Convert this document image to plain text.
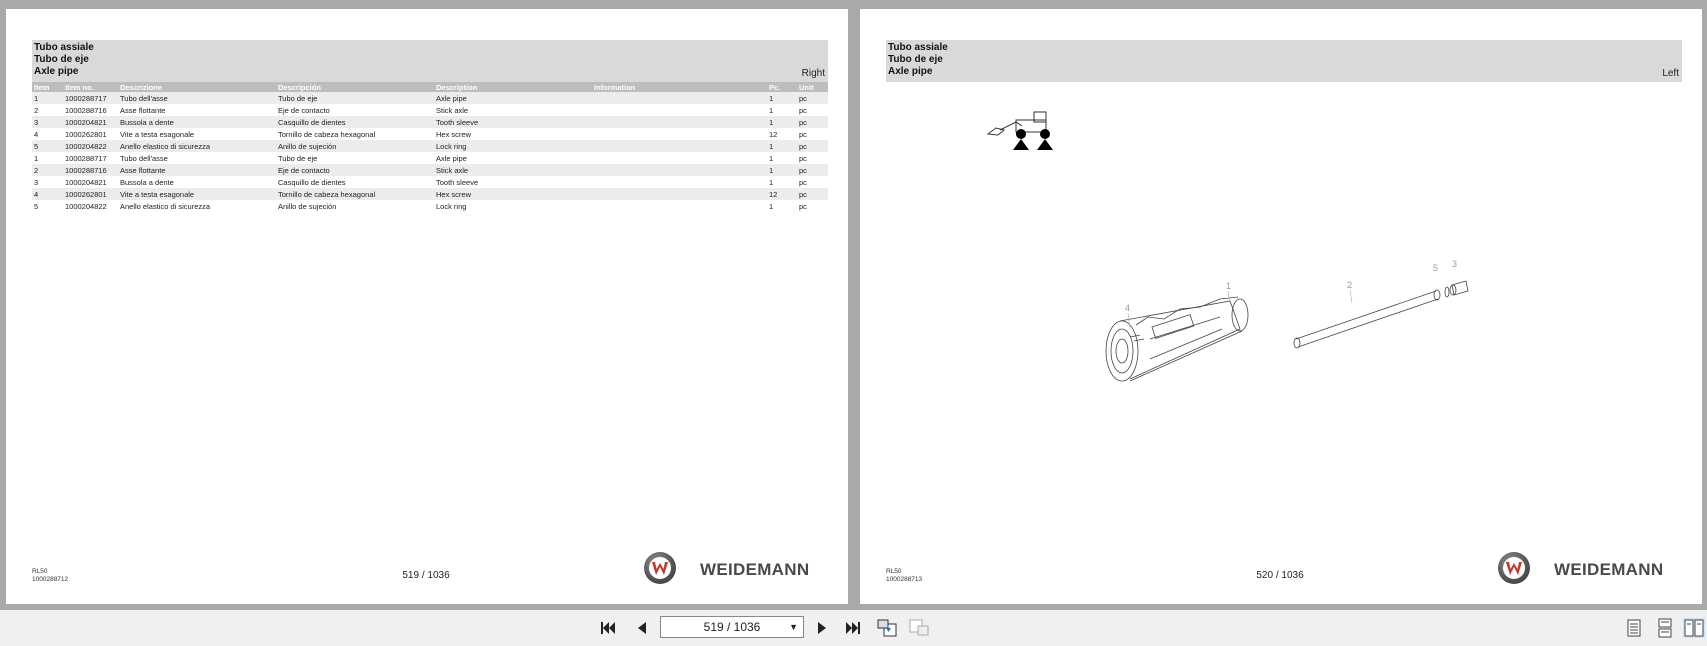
Tubo assiale
Tubo de eje
Axle pipe	Right
Item	Item no.	Descrizione	Descripción	Description	Information	Pc.	Unit
1	1000288717	Tubo dell'asse	Tubo de eje	Axle pipe		1	pc
2	1000288716	Asse flottante	Eje de contacto	Stick axle		1	pc
3	1000204821	Bussola a dente	Casquillo de dientes	Tooth sleeve		1	pc
4	1000262801	Vite a testa esagonale	Tornillo de cabeza hexagonal	Hex screw		12	pc
5	1000204822	Anello elastico di sicurezza	Anillo de sujeción	Lock ring		1	pc
1	1000288717	Tubo dell'asse	Tubo de eje	Axle pipe		1	pc
2	1000288716	Asse flottante	Eje de contacto	Stick axle		1	pc
3	1000204821	Bussola a dente	Casquillo de dientes	Tooth sleeve		1	pc
4	1000262801	Vite a testa esagonale	Tornillo de cabeza hexagonal	Hex screw		12	pc
5	1000204822	Anello elastico di sicurezza	Anillo de sujeción	Lock ring		1	pc
RL50
1000288712	519 / 1036	WEIDEMANN
Tubo assiale
Tubo de eje
Axle pipe	Left
1	2
3
4
5
RL50
1000288713	520 / 1036	WEIDEMANN
519 / 1036	▼
